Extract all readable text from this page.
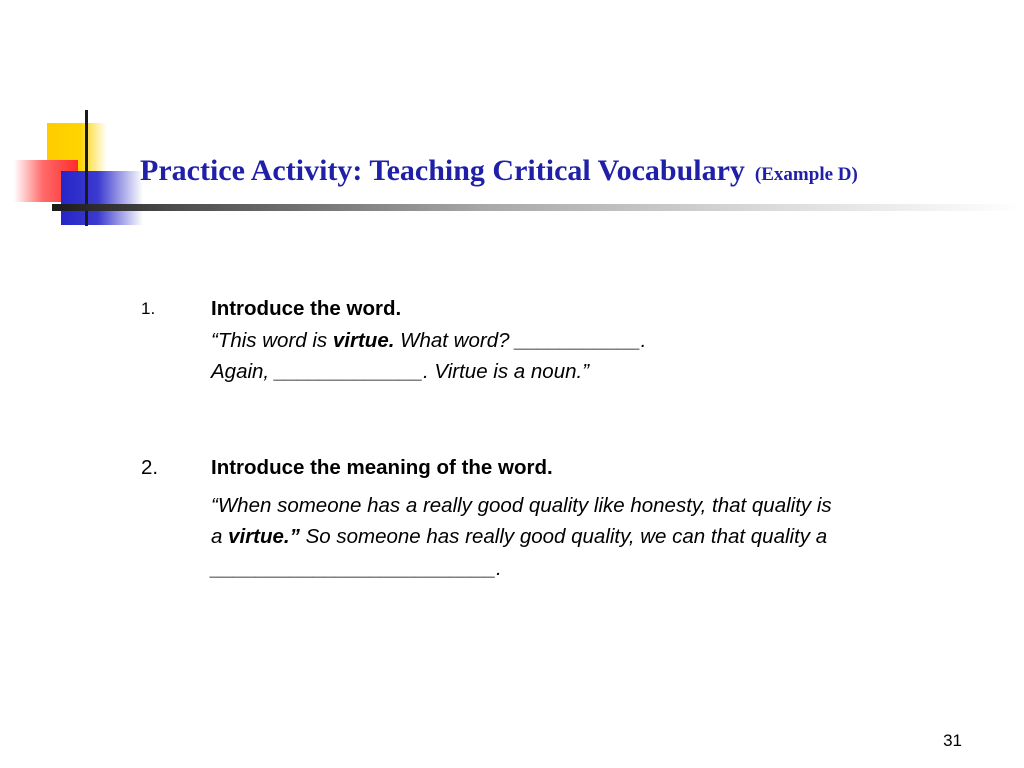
Practice Activity: Teaching Critical Vocabulary (Example D)
1.	Introduce the word.
“This word is virtue. What word? ___________.
Again, _____________. Virtue is a noun.”
2.	Introduce the meaning of the word.
“When someone has a really good quality like honesty, that quality is
a virtue.” So someone has really good quality, we can that quality a
_________________________.
31
